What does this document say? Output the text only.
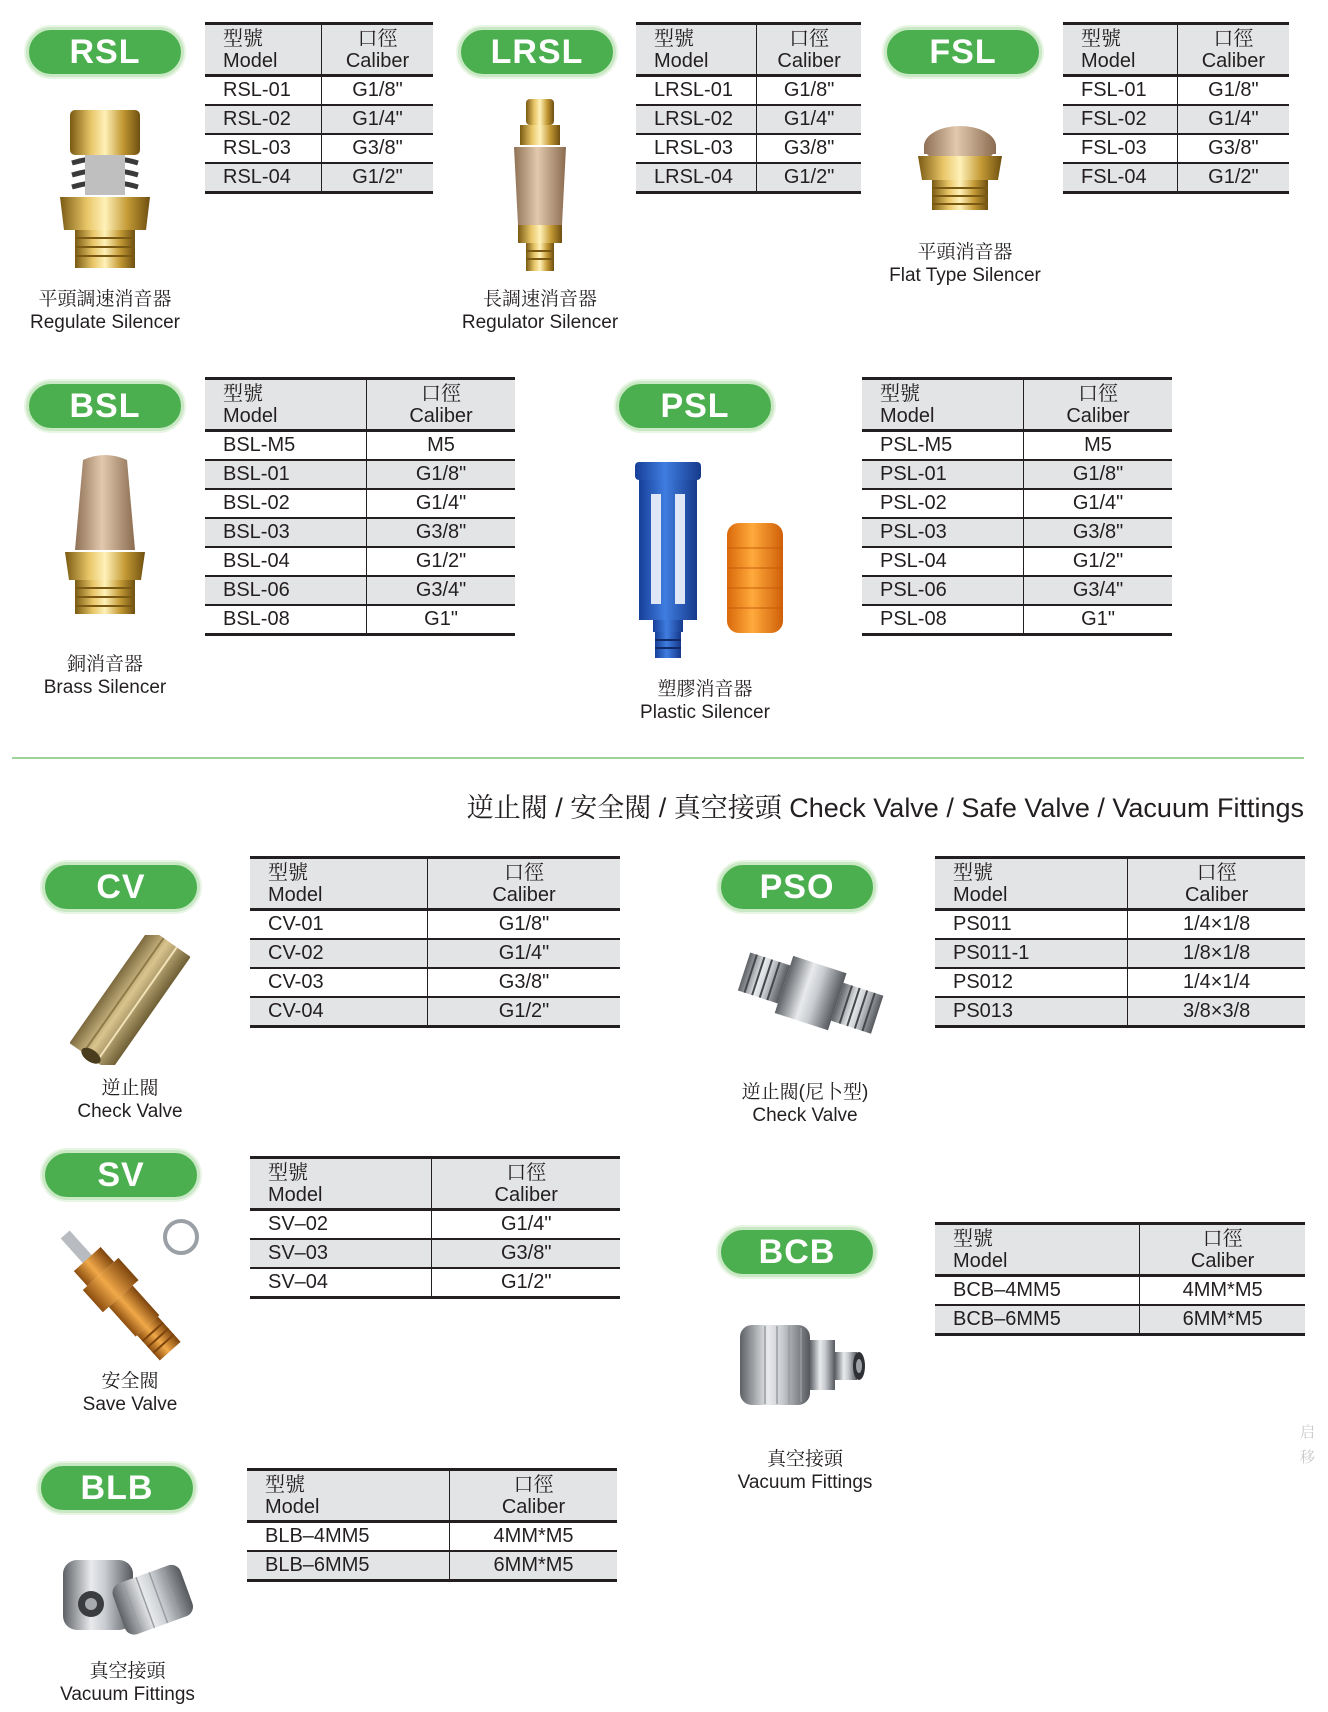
RSL
平頭調速消音器
Regulate Silencer
型號
Model	口徑
Caliber

RSL-01	G1/8"
RSL-02	G1/4"
RSL-03	G3/8"
RSL-04	G1/2"
LRSL
長調速消音器
Regulator Silencer
型號
Model	口徑
Caliber

LRSL-01	G1/8"
LRSL-02	G1/4"
LRSL-03	G3/8"
LRSL-04	G1/2"
FSL
平頭消音器
Flat Type Silencer
型號
Model	口徑
Caliber

FSL-01	G1/8"
FSL-02	G1/4"
FSL-03	G3/8"
FSL-04	G1/2"
BSL
銅消音器
Brass Silencer
型號
Model	口徑
Caliber

BSL-M5	M5
BSL-01	G1/8"
BSL-02	G1/4"
BSL-03	G3/8"
BSL-04	G1/2"
BSL-06	G3/4"
BSL-08	G1"
PSL
塑膠消音器
Plastic Silencer
型號
Model	口徑
Caliber

PSL-M5	M5
PSL-01	G1/8"
PSL-02	G1/4"
PSL-03	G3/8"
PSL-04	G1/2"
PSL-06	G3/4"
PSL-08	G1"
逆止閥 / 安全閥 / 真空接頭 Check Valve / Safe Valve / Vacuum Fittings
CV
逆止閥
Check Valve
型號
Model	口徑
Caliber

CV-01	G1/8"
CV-02	G1/4"
CV-03	G3/8"
CV-04	G1/2"
PSO
逆止閥(尼卜型)
Check Valve
型號
Model	口徑
Caliber

PS011	1/4×1/8
PS011-1	1/8×1/8
PS012	1/4×1/4
PS013	3/8×3/8
SV
安全閥
Save Valve
型號
Model	口徑
Caliber

SV–02	G1/4"
SV–03	G3/8"
SV–04	G1/2"
BCB
真空接頭
Vacuum Fittings
型號
Model	口徑
Caliber

BCB–4MM5	4MM*M5
BCB–6MM5	6MM*M5
BLB
真空接頭
Vacuum Fittings
型號
Model	口徑
Caliber

BLB–4MM5	4MM*M5
BLB–6MM5	6MM*M5
启
移
